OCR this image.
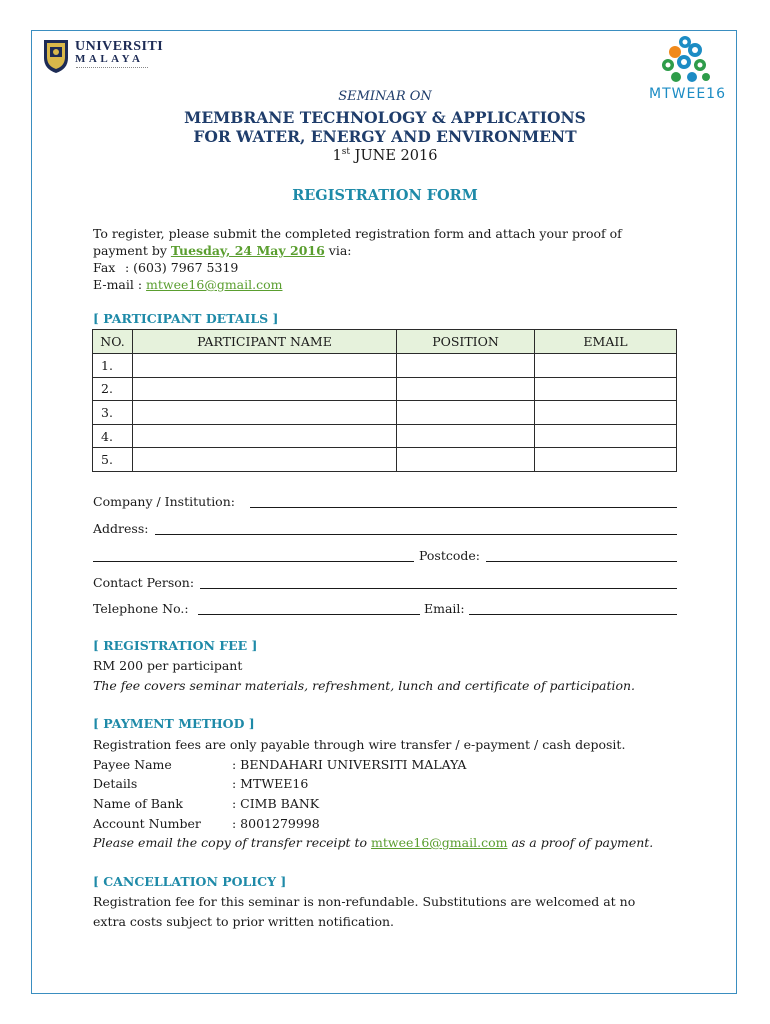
UNIVERSITI
MALAYA
MTWEE16
SEMINAR ON
MEMBRANE TECHNOLOGY & APPLICATIONS
FOR WATER, ENERGY AND ENVIRONMENT
1st JUNE 2016
REGISTRATION FORM
To register, please submit the completed registration form and attach your proof of
payment by Tuesday, 24 May 2016 via:
Fax : (603) 7967 5319
E-mail : mtwee16@gmail.com
[ PARTICIPANT DETAILS ]
NO.	PARTICIPANT NAME	POSITION	EMAIL
1.			
2.			
3.			
4.			
5.			
Company / Institution:
Address:
Postcode:
Contact Person:
Telephone No.:	Email:
[ REGISTRATION FEE ]
RM 200 per participant
The fee covers seminar materials, refreshment, lunch and certificate of participation.
[ PAYMENT METHOD ]
Registration fees are only payable through wire transfer / e-payment / cash deposit.
Payee Name	: BENDAHARI UNIVERSITI MALAYA
Details	: MTWEE16
Name of Bank	: CIMB BANK
Account Number : 8001279998
Please email the copy of transfer receipt to mtwee16@gmail.com as a proof of payment.
[ CANCELLATION POLICY ]
Registration fee for this seminar is non-refundable. Substitutions are welcomed at no
extra costs subject to prior written notification.
